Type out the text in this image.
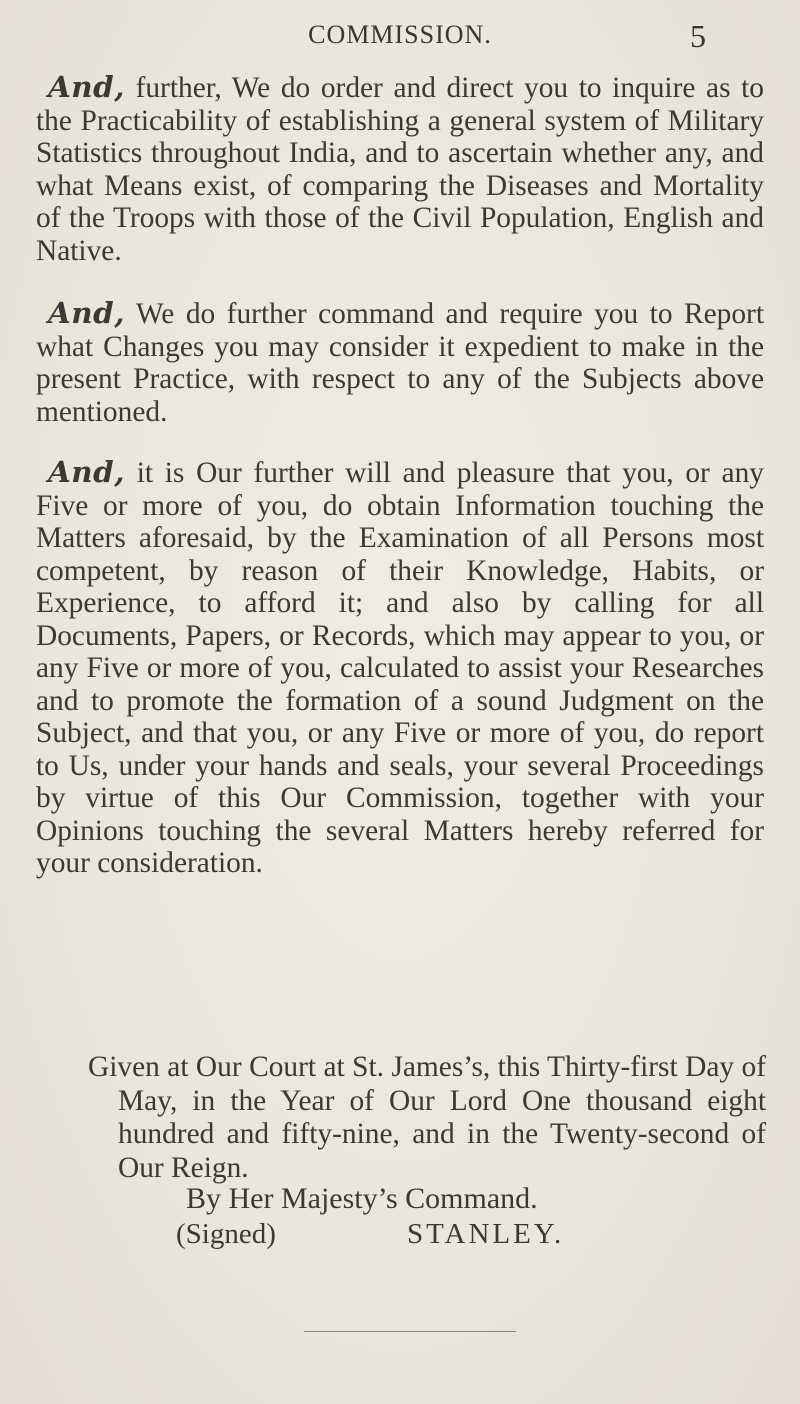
COMMISSION.	5

And, further, We do order and direct you to inquire as to the Practicability of establishing a general system of Military Statistics throughout India, and to ascertain whether any, and what Means exist, of comparing the Diseases and Mortality of the Troops with those of the Civil Population, English and Native.

And, We do further command and require you to Report what Changes you may consider it expedient to make in the present Practice, with respect to any of the Subjects above mentioned.

And, it is Our further will and pleasure that you, or any Five or more of you, do obtain Information touching the Matters aforesaid, by the Examination of all Persons most competent, by reason of their Knowledge, Habits, or Experience, to afford it; and also by calling for all Documents, Papers, or Records, which may appear to you, or any Five or more of you, calculated to assist your Researches and to promote the formation of a sound Judgment on the Subject, and that you, or any Five or more of you, do report to Us, under your hands and seals, your several Proceedings by virtue of this Our Commission, together with your Opinions touching the several Matters hereby referred for your consideration.

Given at Our Court at St. James’s, this Thirty-first Day of May, in the Year of Our Lord One thousand eight hundred and fifty-nine, and in the Twenty-second of Our Reign.

By Her Majesty’s Command.

(Signed)	STANLEY.
